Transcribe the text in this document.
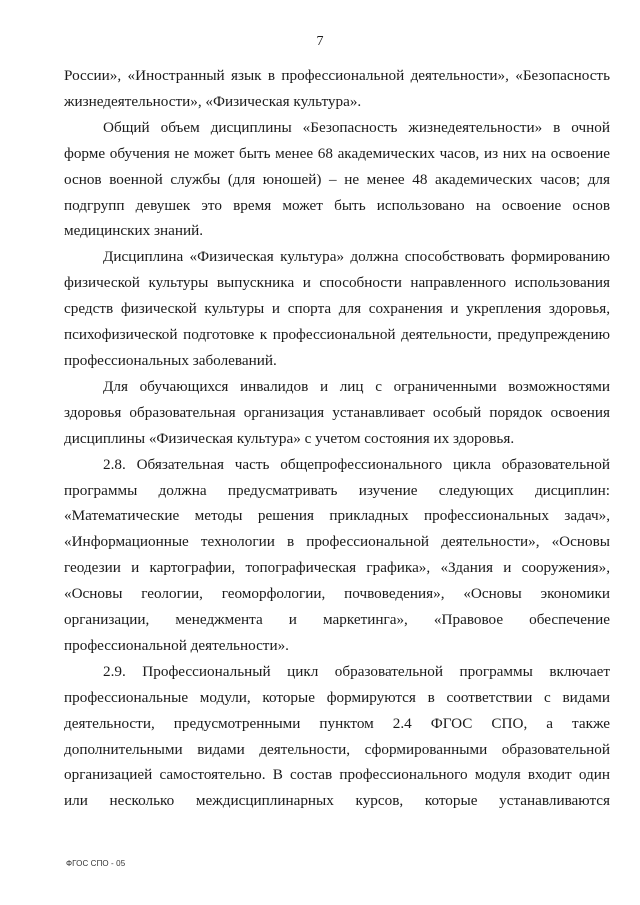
7

России», «Иностранный язык в профессиональной деятельности», «Безопасность жизнедеятельности», «Физическая культура».

Общий объем дисциплины «Безопасность жизнедеятельности» в очной форме обучения не может быть менее 68 академических часов, из них на освоение основ военной службы (для юношей) – не менее 48 академических часов; для подгрупп девушек это время может быть использовано на освоение основ медицинских знаний.

Дисциплина «Физическая культура» должна способствовать формированию физической культуры выпускника и способности направленного использования средств физической культуры и спорта для сохранения и укрепления здоровья, психофизической подготовке к профессиональной деятельности, предупреждению профессиональных заболеваний.

Для обучающихся инвалидов и лиц с ограниченными возможностями здоровья образовательная организация устанавливает особый порядок освоения дисциплины «Физическая культура» с учетом состояния их здоровья.

2.8. Обязательная часть общепрофессионального цикла образовательной программы должна предусматривать изучение следующих дисциплин: «Математические методы решения прикладных профессиональных задач», «Информационные технологии в профессиональной деятельности», «Основы геодезии и картографии, топографическая графика», «Здания и сооружения», «Основы геологии, геоморфологии, почвоведения», «Основы экономики организации, менеджмента и маркетинга», «Правовое обеспечение профессиональной деятельности».

2.9. Профессиональный цикл образовательной программы включает профессиональные модули, которые формируются в соответствии с видами деятельности, предусмотренными пунктом 2.4 ФГОС СПО, а также дополнительными видами деятельности, сформированными образовательной организацией самостоятельно. В состав профессионального модуля входит один или несколько междисциплинарных курсов, которые устанавливаются

ФГОС СПО - 05
